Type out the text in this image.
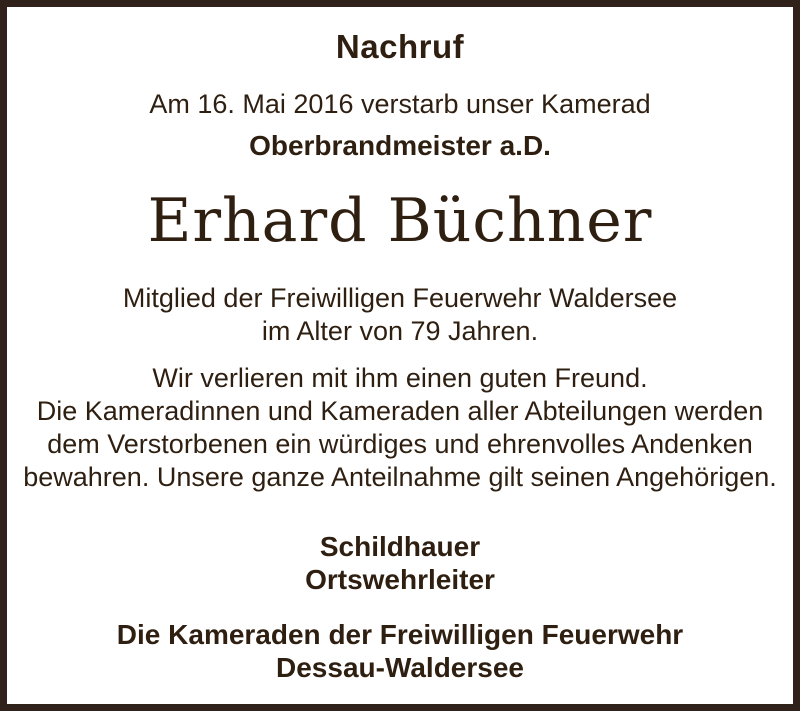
Nachruf
Am 16. Mai 2016 verstarb unser Kamerad
Oberbrandmeister a.D.
Erhard Büchner
Mitglied der Freiwilligen Feuerwehr Waldersee
im Alter von 79 Jahren.
Wir verlieren mit ihm einen guten Freund.
Die Kameradinnen und Kameraden aller Abteilungen werden
dem Verstorbenen ein würdiges und ehrenvolles Andenken
bewahren. Unsere ganze Anteilnahme gilt seinen Angehörigen.
Schildhauer
Ortswehrleiter
Die Kameraden der Freiwilligen Feuerwehr
Dessau-Waldersee
